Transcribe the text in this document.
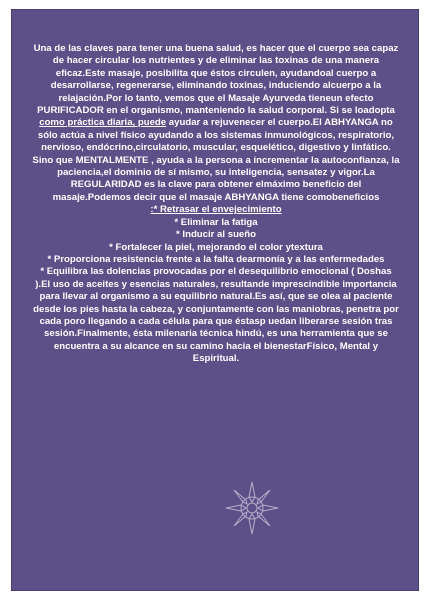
Una de las claves para tener una buena salud, es hacer que el cuerpo sea capaz de hacer circular los nutrientes y de eliminar las toxinas de una manera eficaz.Este masaje, posibilita que éstos circulen, ayudandoal cuerpo a desarrollarse, regenerarse, eliminando toxinas, induciendo alcuerpo a la relajación.Por lo tanto, vemos que el Masaje Ayurveda tieneun efecto PURIFICADOR en el organismo, manteniendo la salud corporal. Si se loadopta como práctica diaria, puede ayudar a rejuvenecer el cuerpo.El ABHYANGA no sólo actúa a nivel físico ayudando a los sistemas inmunológicos, respiratorio, nervioso, endócrino,circulatorio, muscular, esquelético, digestivo y linfático. Sino que MENTALMENTE , ayuda a la persona a incrementar la autoconfianza, la paciencia,el dominio de sí mismo, su inteligencia, sensatez y vigor.La REGULARIDAD es la clave para obtener elmáximo beneficio del masaje.Podemos decir que el masaje ABHYANGA tiene comobeneficios

:* Retrasar el envejecimiento
* Eliminar la fatiga
* Inducir al sueño
* Fortalecer la piel, mejorando el color ytextura
* Proporciona resistencia frente a la falta dearmonía y a las enfermedades
* Equilibra las dolencias provocadas por el desequilibrio emocional ( Doshas ).El uso de aceites y esencias naturales, resultande imprescindible importancia para llevar al organismo a su equilibrio natural.Es así, que se olea al paciente desde los pies hasta la cabeza, y conjuntamente con las maniobras, penetra por cada poro llegando a cada célula para que éstasp uedan liberarse sesión tras sesión.Finalmente, ésta milenaria técnica hindú, es una herramienta que se encuentra a su alcance en su camino hacia el bienestarFísico, Mental y Espiritual.
